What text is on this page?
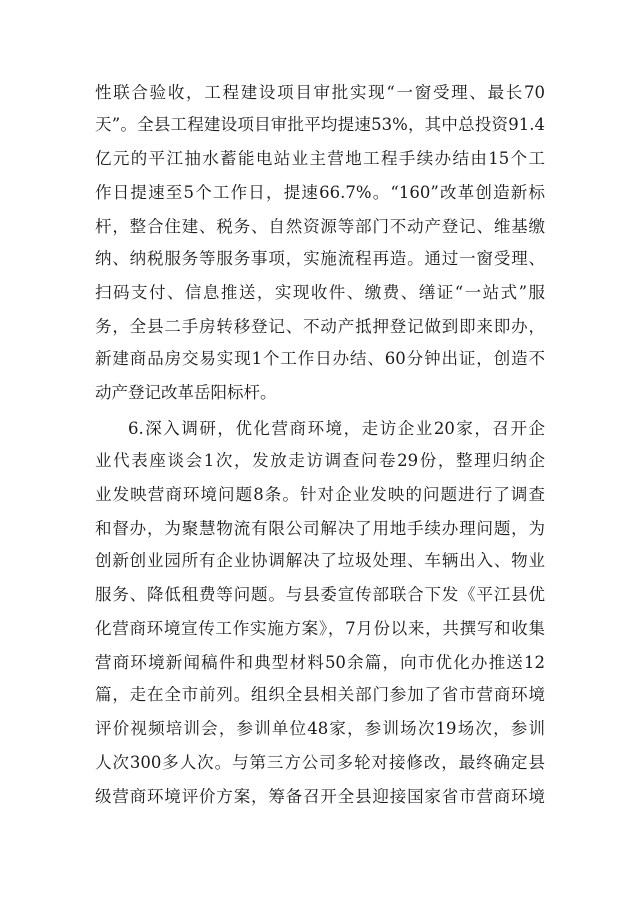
性联合验收，工程建设项目审批实现“一窗受理、最长70
天”。全县工程建设项目审批平均提速53%，其中总投资91.4
亿元的平江抽水蓄能电站业主营地工程手续办结由15个工
作日提速至5个工作日，提速66.7%。“160”改革创造新标
杆，整合住建、税务、自然资源等部门不动产登记、维基缴
纳、纳税服务等服务事项，实施流程再造。通过一窗受理、
扫码支付、信息推送，实现收件、缴费、缮证“一站式”服
务，全县二手房转移登记、不动产抵押登记做到即来即办，
新建商品房交易实现1个工作日办结、60分钟出证，创造不
动产登记改革岳阳标杆。
6.深入调研，优化营商环境，走访企业20家，召开企
业代表座谈会1次，发放走访调查问卷29份，整理归纳企
业发映营商环境问题8条。针对企业发映的问题进行了调查
和督办，为聚慧物流有限公司解决了用地手续办理问题，为
创新创业园所有企业协调解决了垃圾处理、车辆出入、物业
服务、降低租费等问题。与县委宣传部联合下发《平江县优
化营商环境宣传工作实施方案》，7月份以来，共撰写和收集
营商环境新闻稿件和典型材料50余篇，向市优化办推送12
篇，走在全市前列。组织全县相关部门参加了省市营商环境
评价视频培训会，参训单位48家，参训场次19场次，参训
人次300多人次。与第三方公司多轮对接修改，最终确定县
级营商环境评价方案，筹备召开全县迎接国家省市营商环境
